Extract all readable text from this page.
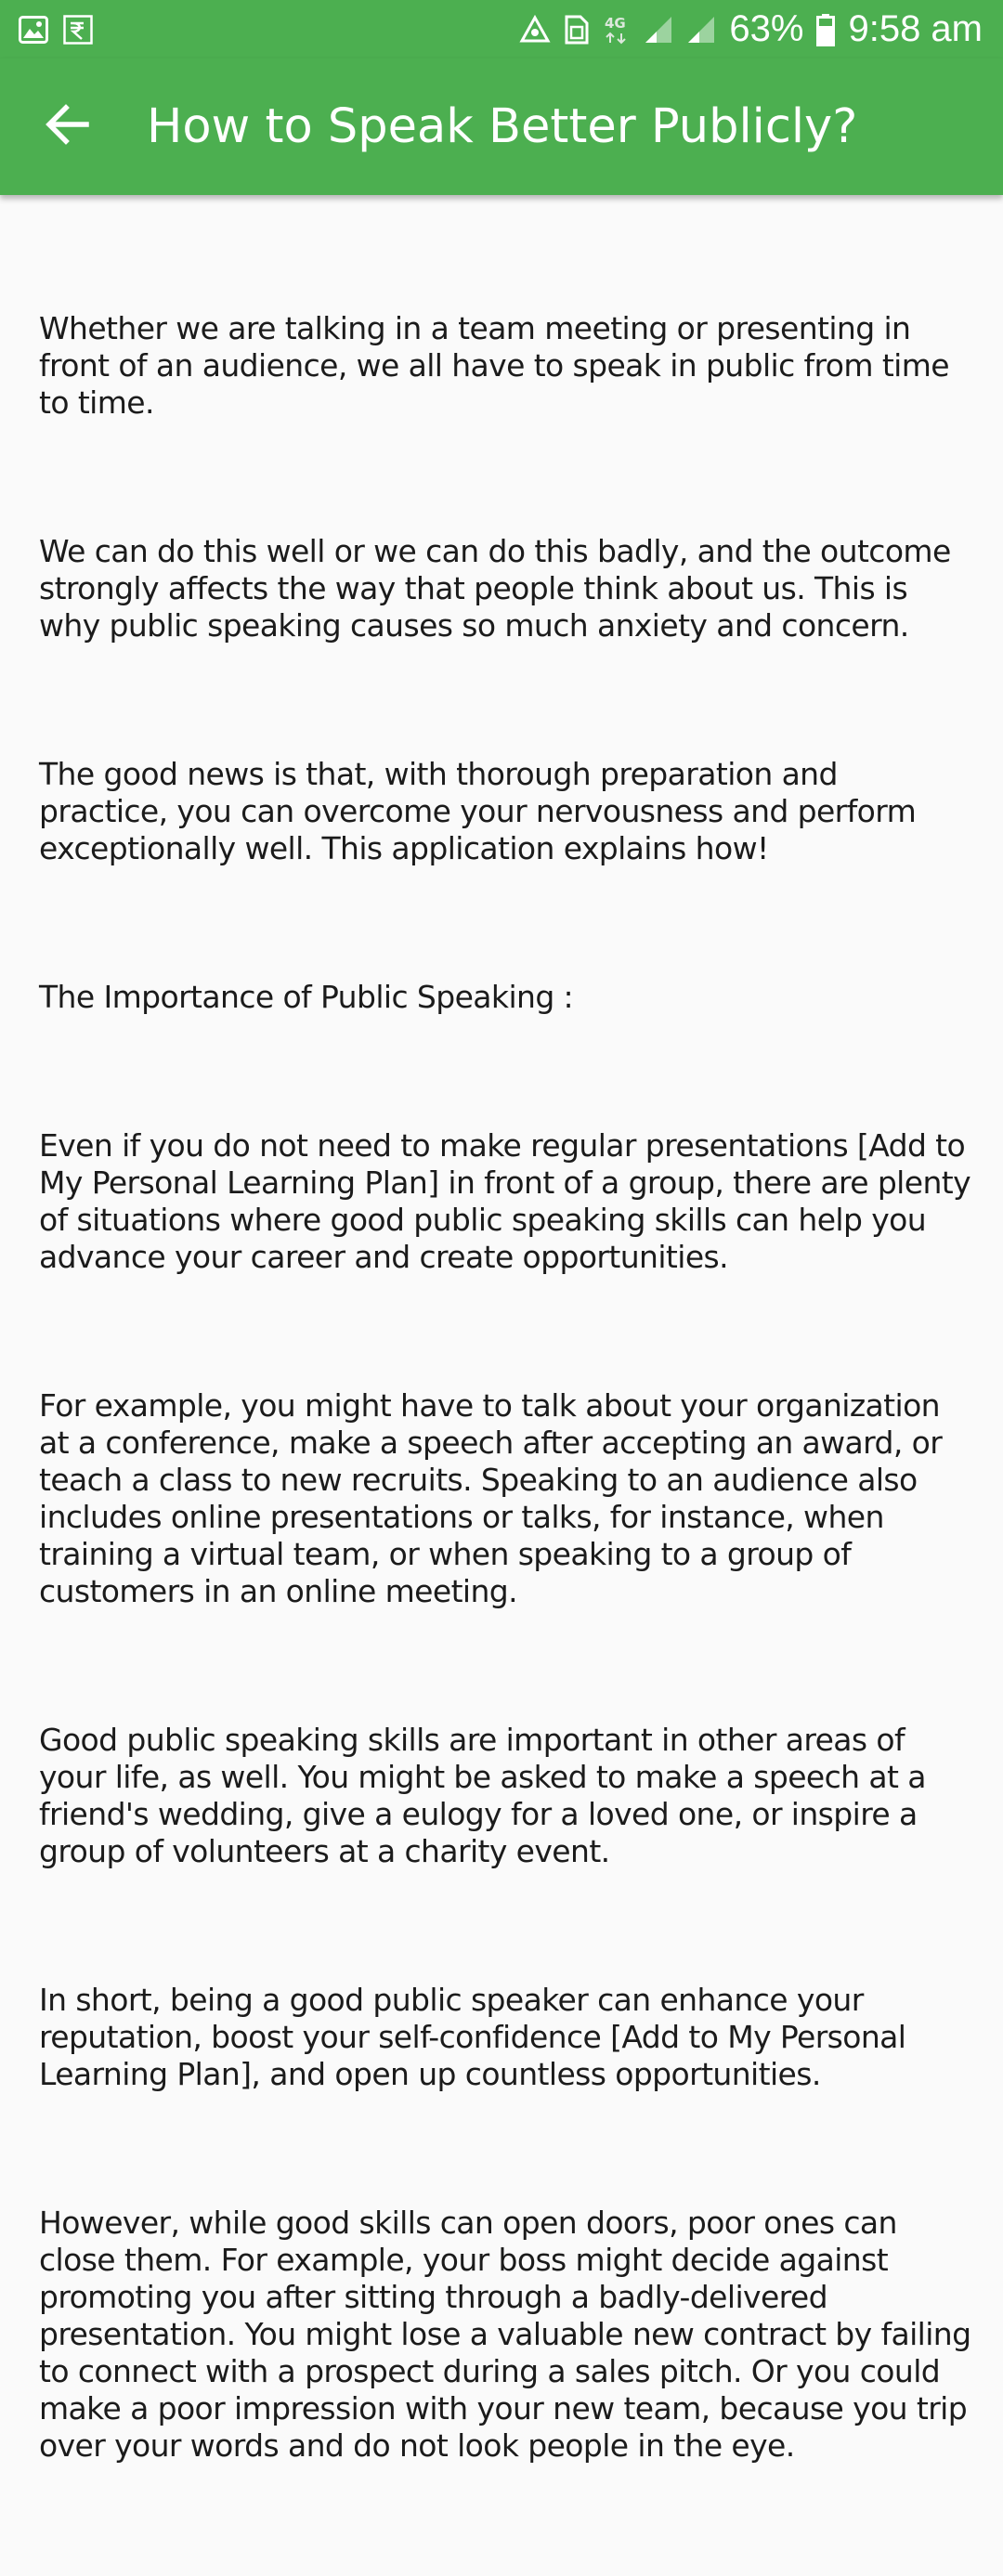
4G	63% 9:58 am
How to Speak Better Publicly?

Whether we are talking in a team meeting or presenting in front of an audience, we all have to speak in public from time to time.

We can do this well or we can do this badly, and the outcome strongly affects the way that people think about us. This is why public speaking causes so much anxiety and concern.

The good news is that, with thorough preparation and practice, you can overcome your nervousness and perform exceptionally well. This application explains how!

The Importance of Public Speaking :

Even if you do not need to make regular presentations [Add to My Personal Learning Plan] in front of a group, there are plenty of situations where good public speaking skills can help you advance your career and create opportunities.

For example, you might have to talk about your organization at a conference, make a speech after accepting an award, or teach a class to new recruits. Speaking to an audience also includes online presentations or talks, for instance, when training a virtual team, or when speaking to a group of customers in an online meeting.

Good public speaking skills are important in other areas of your life, as well. You might be asked to make a speech at a friend's wedding, give a eulogy for a loved one, or inspire a group of volunteers at a charity event.

In short, being a good public speaker can enhance your reputation, boost your self-confidence [Add to My Personal Learning Plan], and open up countless opportunities.

However, while good skills can open doors, poor ones can close them. For example, your boss might decide against promoting you after sitting through a badly-delivered presentation. You might lose a valuable new contract by failing to connect with a prospect during a sales pitch. Or you could make a poor impression with your new team, because you trip over your words and do not look people in the eye.
